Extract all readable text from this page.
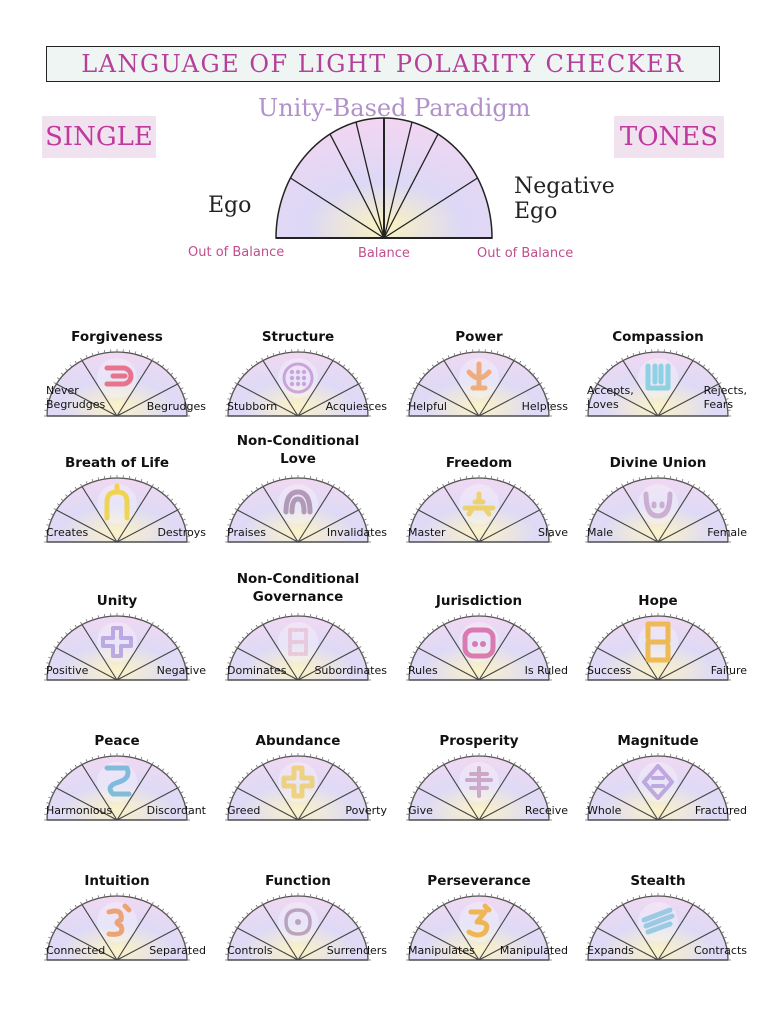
LANGUAGE OF LIGHT POLARITY CHECKER
SINGLE	TONES
Unity-Based Paradigm
Ego
Negative
Ego
Out of Balance	Balance	Out of Balance
Forgiveness
Never
Begrudges	Begrudges
Structure
Stubborn	Acquiesces
Power
Helpful	Helpless
Compassion
Accepts,
Loves
Rejects,
Fears
Breath of Life
Creates	Destroys
Non-Conditional
Love
Praises	Invalidates
Freedom
Master	Slave
Divine Union
Male	Female
Unity
Positive	Negative
Non-Conditional
Governance
Dominates	Subordinates
Jurisdiction
Rules	Is Ruled
Hope
Success	Failure
Peace
Harmonious	Discordant
Abundance
Greed	Poverty
Prosperity
Give	Receive
Magnitude
Whole	Fractured
Intuition
Connected	Separated
Function
Controls	Surrenders
Perseverance
Manipulates Manipulated
Stealth
Expands	Contracts
